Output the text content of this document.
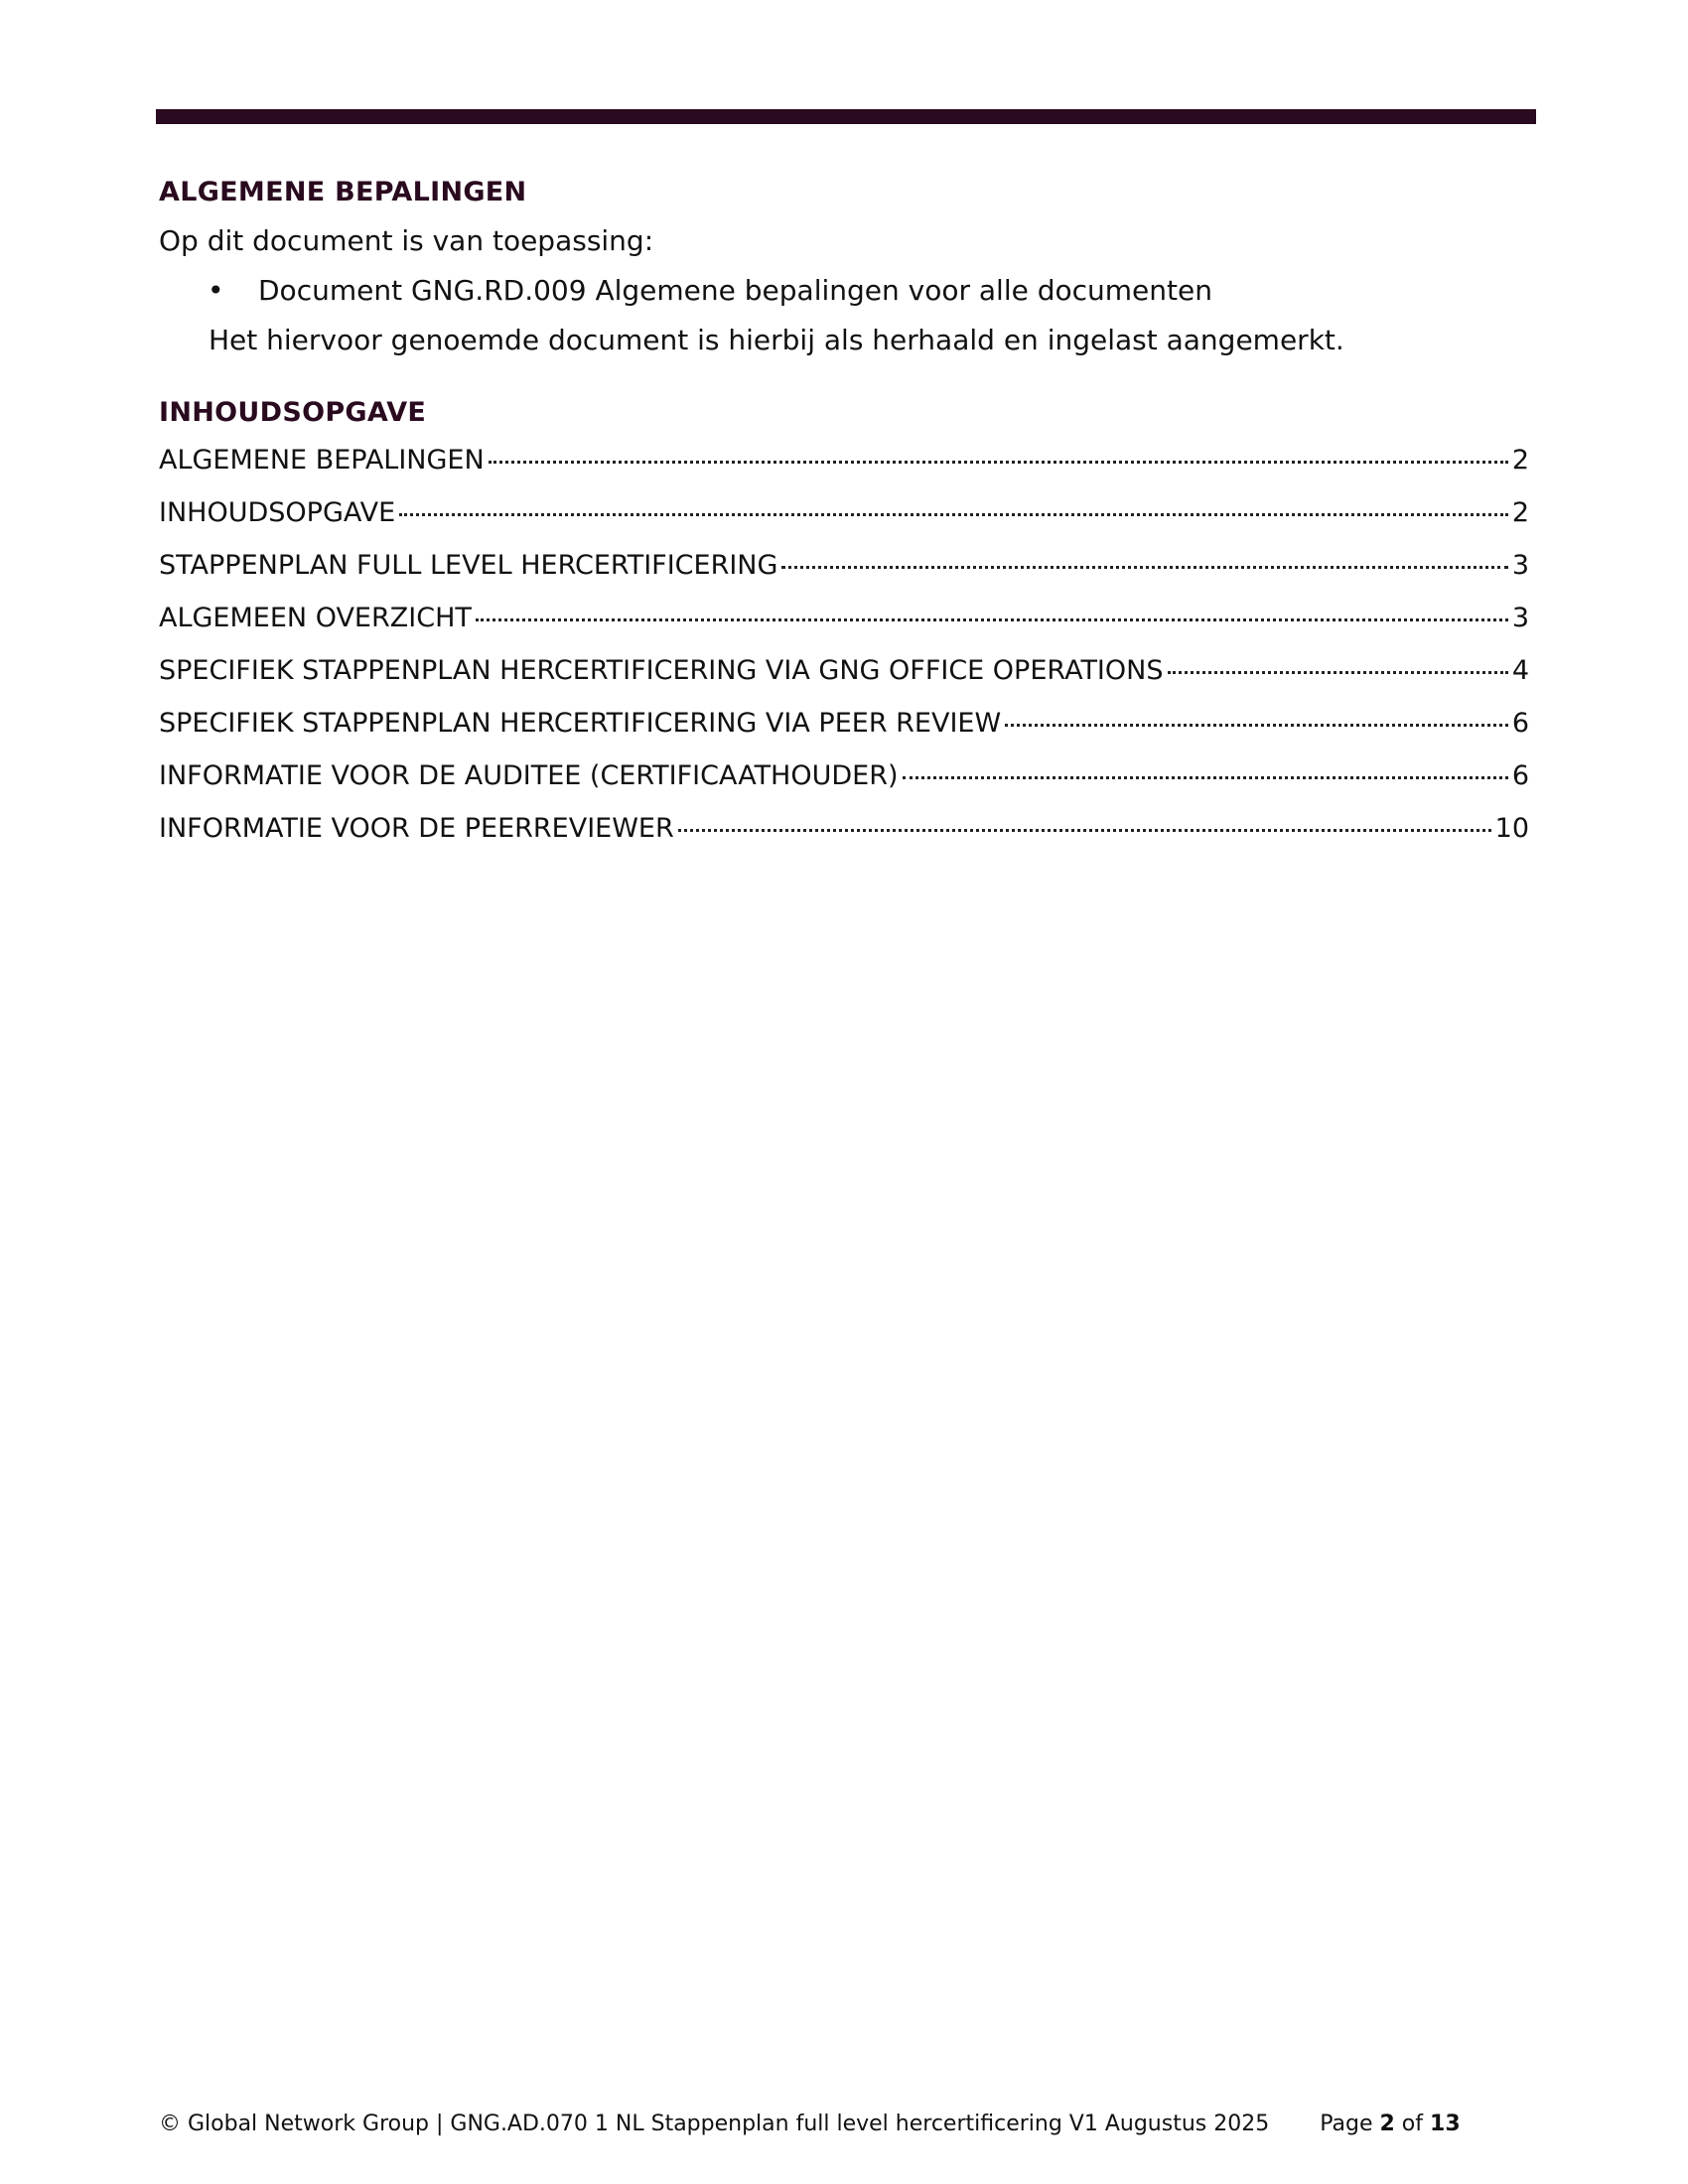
ALGEMENE BEPALINGEN

Op dit document is van toepassing:

• Document GNG.RD.009 Algemene bepalingen voor alle documenten

Het hiervoor genoemde document is hierbij als herhaald en ingelast aangemerkt.

INHOUDSOPGAVE
ALGEMENE BEPALINGEN	2
INHOUDSOPGAVE	2
STAPPENPLAN FULL LEVEL HERCERTIFICERING	3
ALGEMEEN OVERZICHT	3
SPECIFIEK STAPPENPLAN HERCERTIFICERING VIA GNG OFFICE OPERATIONS	4
SPECIFIEK STAPPENPLAN HERCERTIFICERING VIA PEER REVIEW	6
INFORMATIE VOOR DE AUDITEE (CERTIFICAATHOUDER)	6
INFORMATIE VOOR DE PEERREVIEWER	10
© Global Network Group | GNG.AD.070 1 NL Stappenplan full level hercertificering V1 Augustus 2025 Page 2 of 13
